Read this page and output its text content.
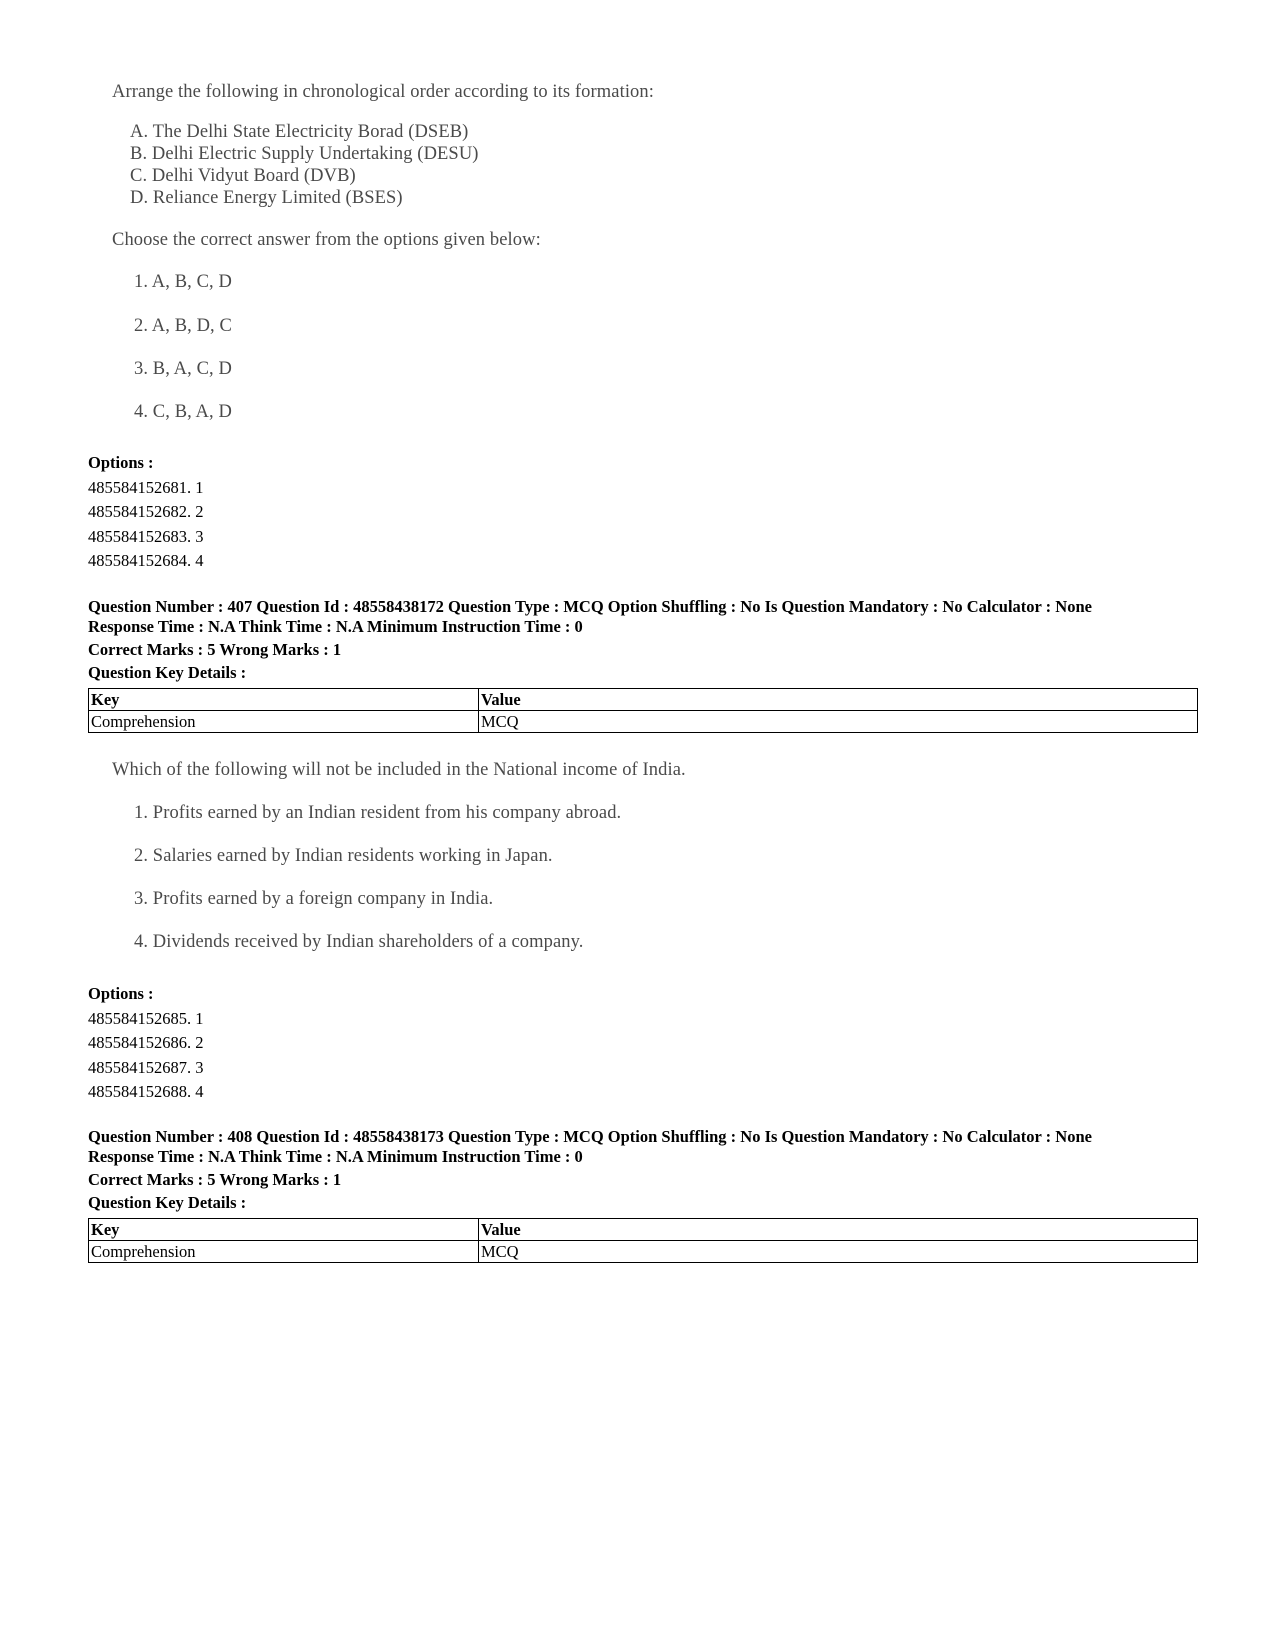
Arrange the following in chronological order according to its formation:
A. The Delhi State Electricity Borad (DSEB)
B. Delhi Electric Supply Undertaking (DESU)
C. Delhi Vidyut Board (DVB)
D. Reliance Energy Limited (BSES)
Choose the correct answer from the options given below:
1. A, B, C, D
2. A, B, D, C
3. B, A, C, D
4. C, B, A, D
Options :
485584152681. 1
485584152682. 2
485584152683. 3
485584152684. 4
Question Number : 407 Question Id : 48558438172 Question Type : MCQ Option Shuffling : No Is Question Mandatory : No Calculator : None
Response Time : N.A Think Time : N.A Minimum Instruction Time : 0
Correct Marks : 5 Wrong Marks : 1
Question Key Details :
Key	Value
Comprehension	MCQ
Which of the following will not be included in the National income of India.
1. Profits earned by an Indian resident from his company abroad.
2. Salaries earned by Indian residents working in Japan.
3. Profits earned by a foreign company in India.
4. Dividends received by Indian shareholders of a company.
Options :
485584152685. 1
485584152686. 2
485584152687. 3
485584152688. 4
Question Number : 408 Question Id : 48558438173 Question Type : MCQ Option Shuffling : No Is Question Mandatory : No Calculator : None
Response Time : N.A Think Time : N.A Minimum Instruction Time : 0
Correct Marks : 5 Wrong Marks : 1
Question Key Details :
Key	Value
Comprehension	MCQ
